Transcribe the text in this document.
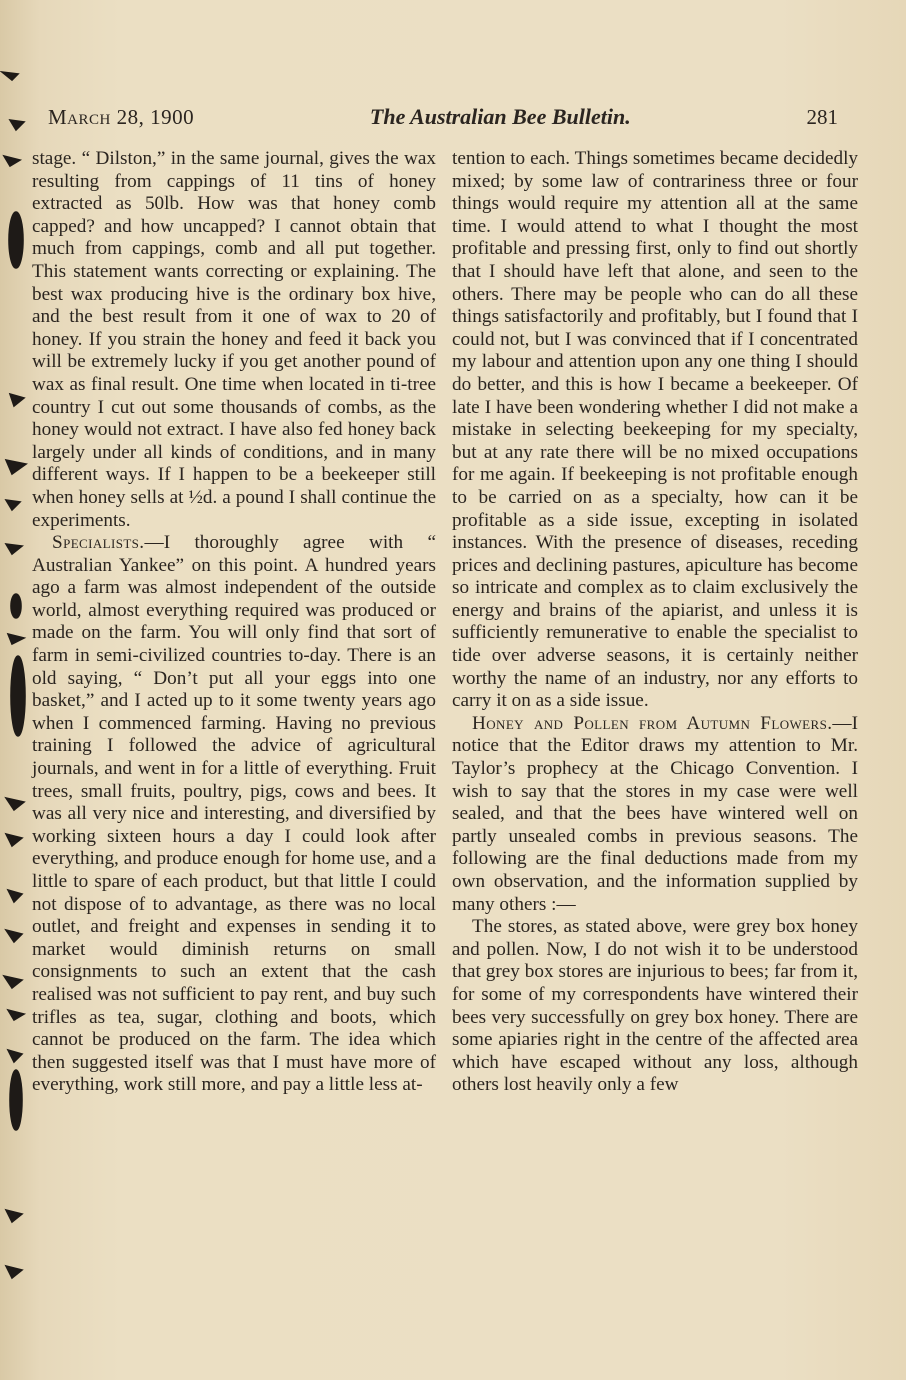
March 28, 1900	The Australian Bee Bulletin.	281

stage. “ Dilston,” in the same journal, gives the wax resulting from cappings of 11 tins of honey extracted as 50lb. How was that honey comb capped? and how uncapped? I cannot obtain that much from cappings, comb and all put together. This statement wants correcting or explaining. The best wax producing hive is the ordinary box hive, and the best result from it one of wax to 20 of honey. If you strain the honey and feed it back you will be extremely lucky if you get another pound of wax as final result. One time when located in ti-tree country I cut out some thousands of combs, as the honey would not extract. I have also fed honey back largely under all kinds of conditions, and in many different ways. If I happen to be a beekeeper still when honey sells at ½d. a pound I shall continue the experiments.

Specialists.—I thoroughly agree with “ Australian Yankee” on this point. A hundred years ago a farm was almost independent of the outside world, almost everything required was produced or made on the farm. You will only find that sort of farm in semi-civilized countries to-day. There is an old saying, “ Don’t put all your eggs into one basket,” and I acted up to it some twenty years ago when I commenced farming. Having no previous training I followed the advice of agricultural journals, and went in for a little of everything. Fruit trees, small fruits, poultry, pigs, cows and bees. It was all very nice and interesting, and diversified by working sixteen hours a day I could look after everything, and produce enough for home use, and a little to spare of each product, but that little I could not dispose of to advantage, as there was no local outlet, and freight and expenses in sending it to market would diminish returns on small consignments to such an extent that the cash realised was not sufficient to pay rent, and buy such trifles as tea, sugar, clothing and boots, which cannot be produced on the farm. The idea which then suggested itself was that I must have more of everything, work still more, and pay a little less at-

tention to each. Things sometimes became decidedly mixed; by some law of contrariness three or four things would require my attention all at the same time. I would attend to what I thought the most profitable and pressing first, only to find out shortly that I should have left that alone, and seen to the others. There may be people who can do all these things satisfactorily and profitably, but I found that I could not, but I was convinced that if I concentrated my labour and attention upon any one thing I should do better, and this is how I became a beekeeper. Of late I have been wondering whether I did not make a mistake in selecting beekeeping for my specialty, but at any rate there will be no mixed occupations for me again. If beekeeping is not profitable enough to be carried on as a specialty, how can it be profitable as a side issue, excepting in isolated instances. With the presence of diseases, receding prices and declining pastures, apiculture has become so intricate and complex as to claim exclusively the energy and brains of the apiarist, and unless it is sufficiently remunerative to enable the specialist to tide over adverse seasons, it is certainly neither worthy the name of an industry, nor any efforts to carry it on as a side issue.

Honey and Pollen from Autumn Flowers.—I notice that the Editor draws my attention to Mr. Taylor’s prophecy at the Chicago Convention. I wish to say that the stores in my case were well sealed, and that the bees have wintered well on partly unsealed combs in previous seasons. The following are the final deductions made from my own observation, and the information supplied by many others :—

The stores, as stated above, were grey box honey and pollen. Now, I do not wish it to be understood that grey box stores are injurious to bees; far from it, for some of my correspondents have wintered their bees very successfully on grey box honey. There are some apiaries right in the centre of the affected area which have escaped without any loss, although others lost heavily only a few
